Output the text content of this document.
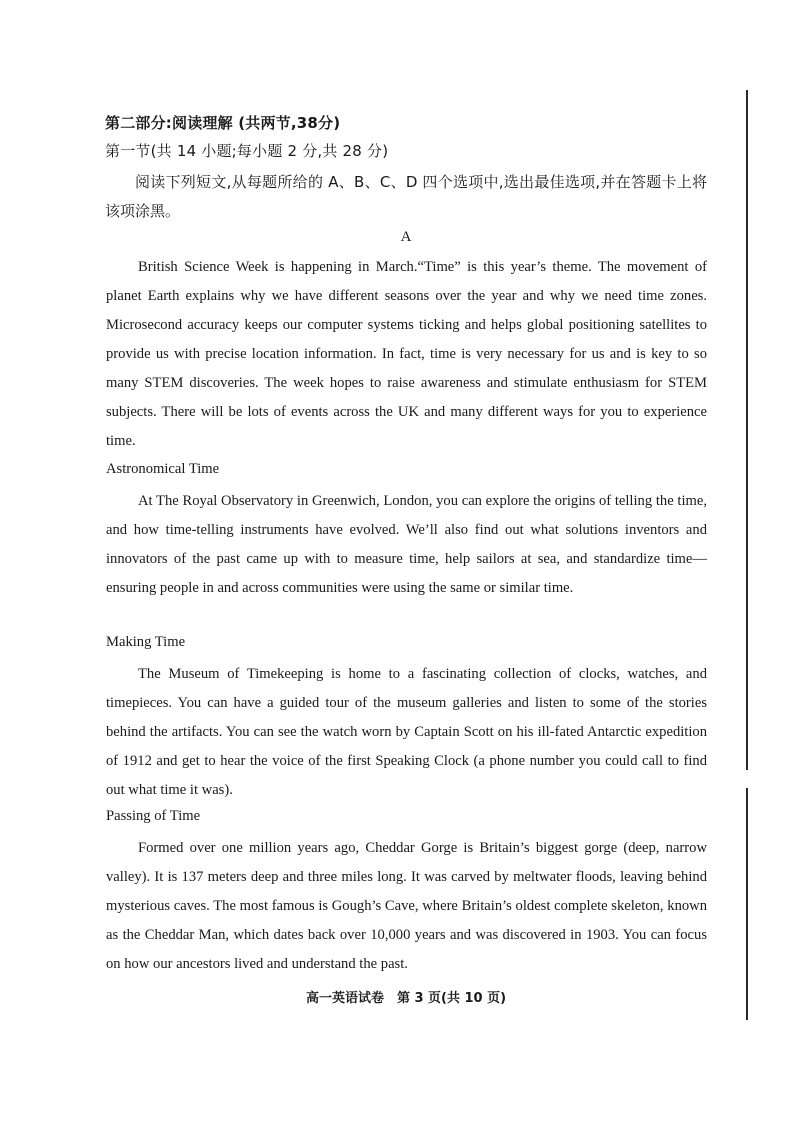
第二部分:阅读理解 (共两节,38分)
第一节(共 14 小题;每小题 2 分,共 28 分)

阅读下列短文,从每题所给的 A、B、C、D 四个选项中,选出最佳选项,并在答题卡上将该项涂黑。

A

British Science Week is happening in March.“Time” is this year’s theme. The movement of planet Earth explains why we have different seasons over the year and why we need time zones. Microsecond accuracy keeps our computer systems ticking and helps global positioning satellites to provide us with precise location information. In fact, time is very necessary for us and is key to so many STEM discoveries. The week hopes to raise awareness and stimulate enthusiasm for STEM subjects. There will be lots of events across the UK and many different ways for you to experience time.

Astronomical Time

At The Royal Observatory in Greenwich, London, you can explore the origins of telling the time, and how time-telling instruments have evolved. We’ll also find out what solutions inventors and innovators of the past came up with to measure time, help sailors at sea, and standardize time—ensuring people in and across communities were using the same or similar time.

Making Time

The Museum of Timekeeping is home to a fascinating collection of clocks, watches, and timepieces. You can have a guided tour of the museum galleries and listen to some of the stories behind the artifacts. You can see the watch worn by Captain Scott on his ill-fated Antarctic expedition of 1912 and get to hear the voice of the first Speaking Clock (a phone number you could call to find out what time it was).

Passing of Time

Formed over one million years ago, Cheddar Gorge is Britain’s biggest gorge (deep, narrow valley). It is 137 meters deep and three miles long. It was carved by meltwater floods, leaving behind mysterious caves. The most famous is Gough’s Cave, where Britain’s oldest complete skeleton, known as the Cheddar Man, which dates back over 10,000 years and was discovered in 1903. You can focus on how our ancestors lived and understand the past.

高一英语试卷　第 3 页(共 10 页)
